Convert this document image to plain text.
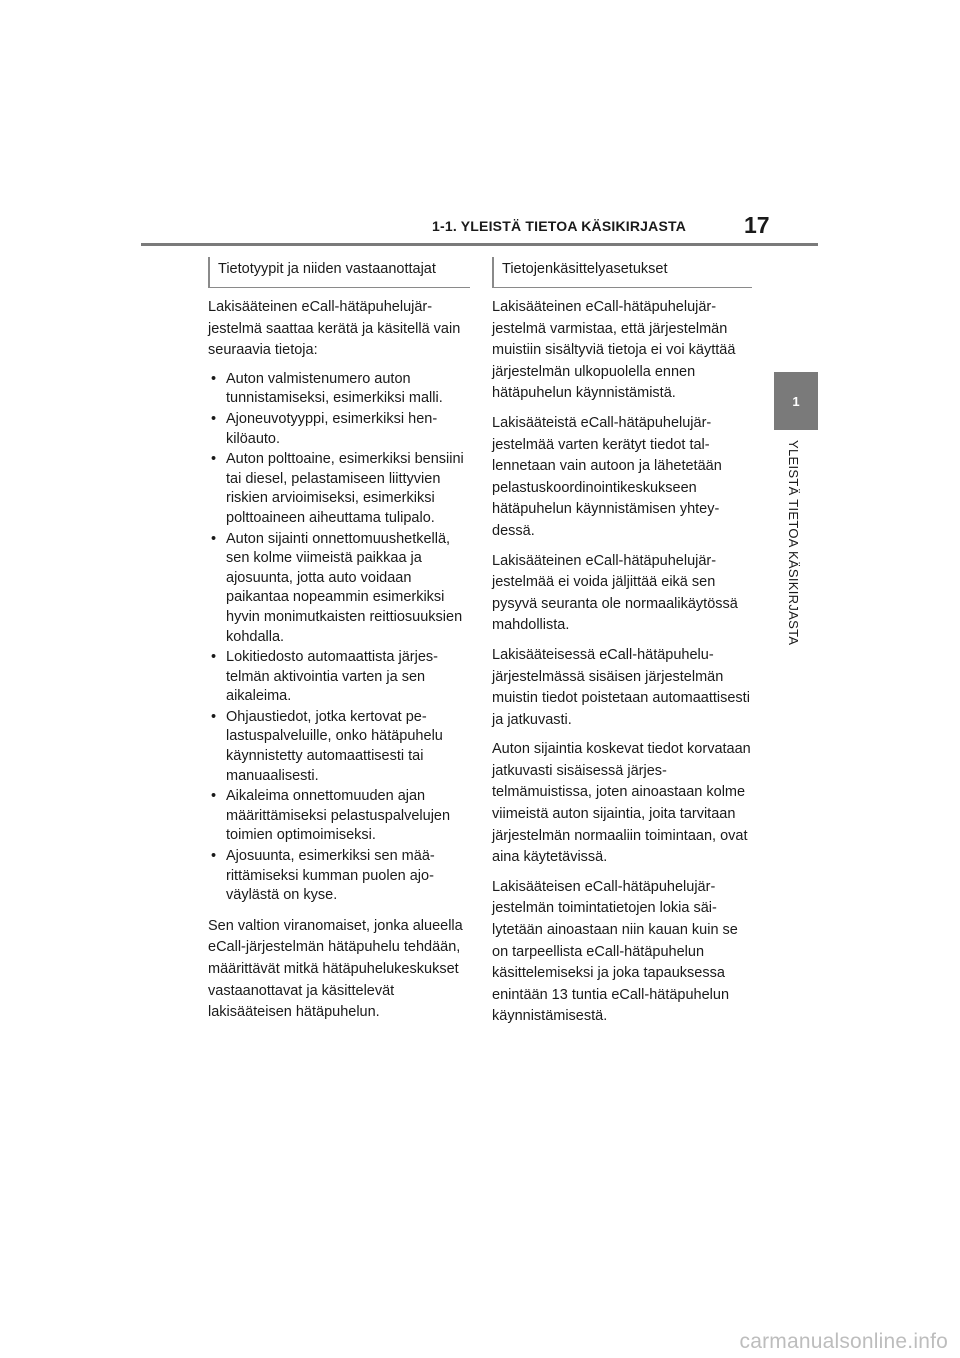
1-1. YLEISTÄ TIETOA KÄSIKIRJASTA	17
1
YLEISTÄ TIETOA KÄSIKIRJASTA
Tietotyypit ja niiden vastaanottajat

Lakisääteinen eCall-hätäpuhelujärjestelmä saattaa kerätä ja käsitellä vain seuraavia tietoja:

• Auton valmistenumero auton tunnistamiseksi, esimerkiksi malli.
• Ajoneuvotyyppi, esimerkiksi henkilöauto.
• Auton polttoaine, esimerkiksi bensiini tai diesel, pelastamiseen liittyvien riskien arvioimiseksi, esimerkiksi polttoaineen aiheuttama tulipalo.
• Auton sijainti onnettomuushetkellä, sen kolme viimeistä paikkaa ja ajosuunta, jotta auto voidaan paikantaa nopeammin esimerkiksi hyvin monimutkaisten reittiosuuksien kohdalla.
• Lokitiedosto automaattista järjestelmän aktivointia varten ja sen aikaleima.
• Ohjaustiedot, jotka kertovat pelastuspalveluille, onko hätäpuhelu käynnistetty automaattisesti tai manuaalisesti.
• Aikaleima onnettomuuden ajan määrittämiseksi pelastuspalvelujen toimien optimoimiseksi.
• Ajosuunta, esimerkiksi sen määrittämiseksi kumman puolen ajoväylästä on kyse.

Sen valtion viranomaiset, jonka alueella eCall-järjestelmän hätäpuhelu tehdään, määrittävät mitkä hätäpuhelukeskukset vastaanottavat ja käsittelevät lakisääteisen hätäpuhelun.

Tietojenkäsittelyasetukset

Lakisääteinen eCall-hätäpuhelujärjestelmä varmistaa, että järjestelmän muistiin sisältyviä tietoja ei voi käyttää järjestelmän ulkopuolella ennen hätäpuhelun käynnistämistä.

Lakisääteistä eCall-hätäpuhelujärjestelmää varten kerätyt tiedot tallennetaan vain autoon ja lähetetään pelastuskoordinointikeskukseen hätäpuhelun käynnistämisen yhteydessä.

Lakisääteinen eCall-hätäpuhelujärjestelmää ei voida jäljittää eikä sen pysyvä seuranta ole normaalikäytössä mahdollista.

Lakisääteisessä eCall-hätäpuhelujärjestelmässä sisäisen järjestelmän muistin tiedot poistetaan automaattisesti ja jatkuvasti.

Auton sijaintia koskevat tiedot korvataan jatkuvasti sisäisessä järjestelmämuistissa, joten ainoastaan kolme viimeistä auton sijaintia, joita tarvitaan järjestelmän normaaliin toimintaan, ovat aina käytetävissä.

Lakisääteisen eCall-hätäpuhelujärjestelmän toimintatietojen lokia säilytetään ainoastaan niin kauan kuin se on tarpeellista eCall-hätäpuhelun käsittelemiseksi ja joka tapauksessa enintään 13 tuntia eCall-hätäpuhelun käynnistämisestä.

carmanualsonline.info
